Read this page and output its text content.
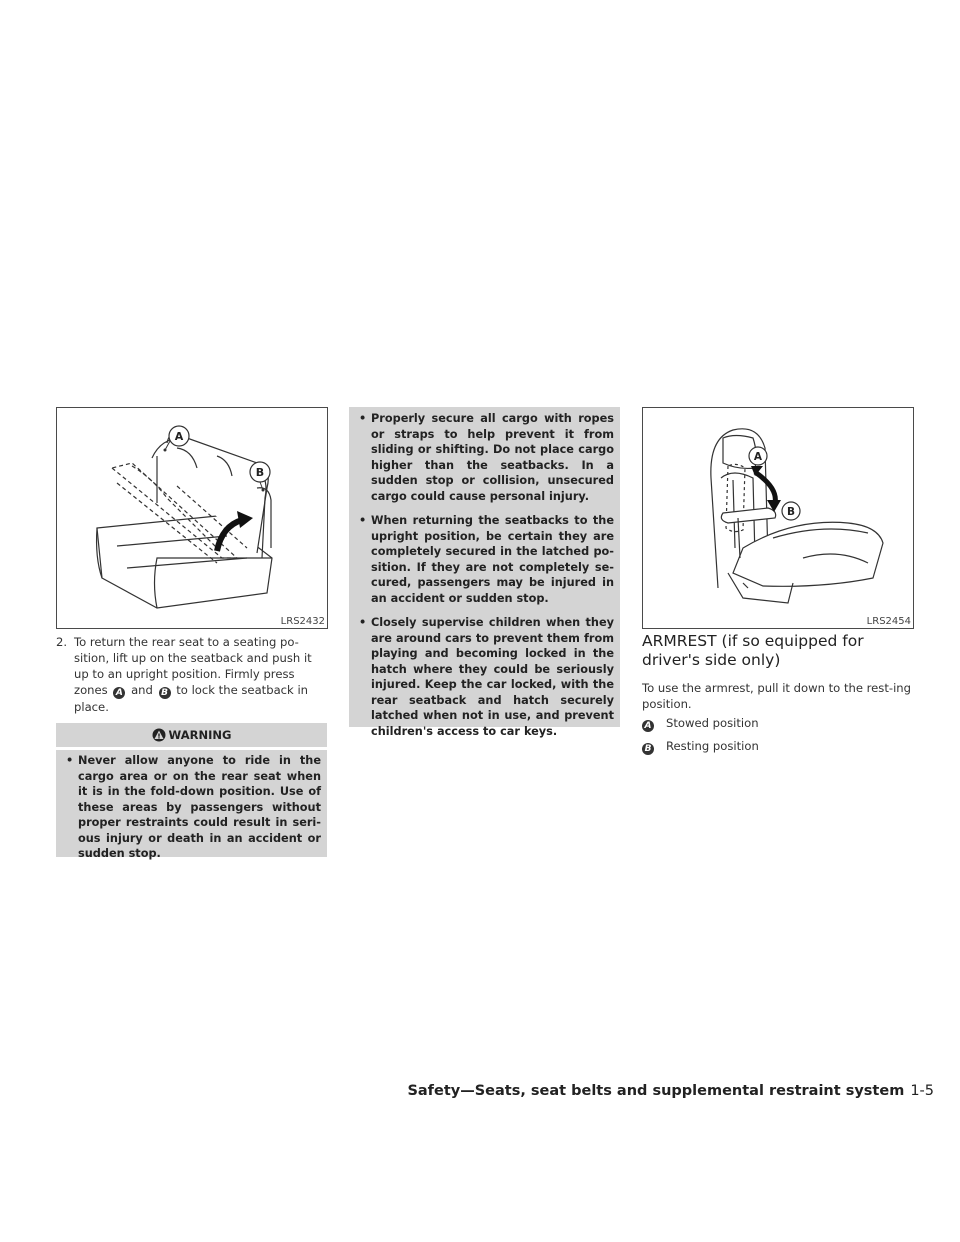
A
B
LRS2432
2. To return the rear seat to a seating po-sition, lift up on the seatback and push it up to an upright position. Firmly press zones A and B to lock the seatback in place.
WARNING
• Never allow anyone to ride in the cargo area or on the rear seat when it is in the fold-down position. Use of these areas by passengers without proper restraints could result in seri-ous injury or death in an accident or sudden stop.
• Properly secure all cargo with ropes or straps to help prevent it from sliding or shifting. Do not place cargo higher than the seatbacks. In a sudden stop or collision, unsecured cargo could cause personal injury.
• When returning the seatbacks to the upright position, be certain they are completely secured in the latched po-sition. If they are not completely se-cured, passengers may be injured in an accident or sudden stop.
• Closely supervise children when they are around cars to prevent them from playing and becoming locked in the hatch where they could be seriously injured. Keep the car locked, with the rear seatback and hatch securely latched when not in use, and prevent children's access to car keys.
A
B
LRS2454
ARMREST (if so equipped for driver's side only)
To use the armrest, pull it down to the rest-ing position.
A Stowed position
B Resting position
Safety—Seats, seat belts and supplemental restraint system 1-5
